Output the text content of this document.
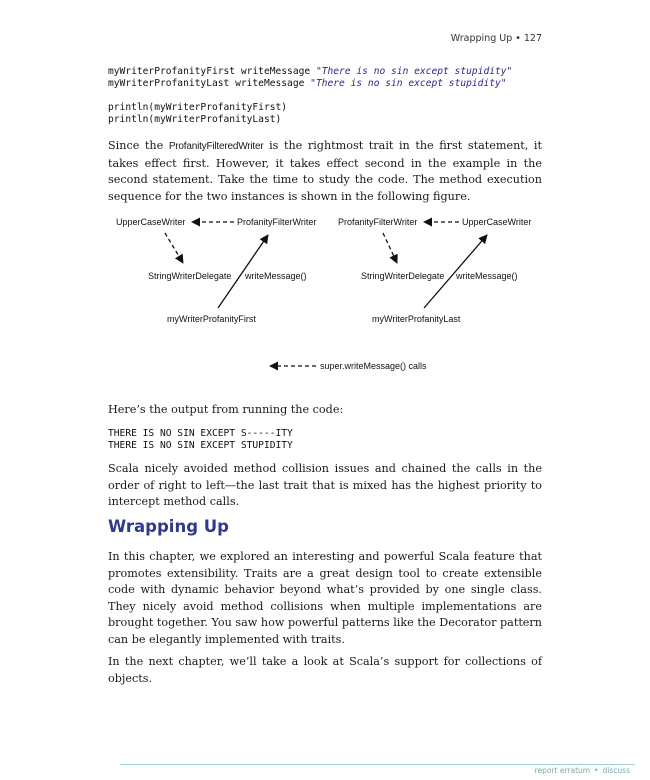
Wrapping Up • 127
myWriterProfanityFirst writeMessage "There is no sin except stupidity"
myWriterProfanityLast writeMessage "There is no sin except stupidity"

println(myWriterProfanityFirst)
println(myWriterProfanityLast)

Since the ProfanityFilteredWriter is the rightmost trait in the first statement, it takes effect first. However, it takes effect second in the example in the second statement. Take the time to study the code. The method execution sequence for the two instances is shown in the following figure.

UpperCaseWriter	ProfanityFilterWriter
StringWriterDelegate writeMessage()
myWriterProfanityFirst
ProfanityFilterWriter	UpperCaseWriter
StringWriterDelegate writeMessage()
myWriterProfanityLast
super.writeMessage() calls

Here’s the output from running the code:

THERE IS NO SIN EXCEPT S-----ITY
THERE IS NO SIN EXCEPT STUPIDITY

Scala nicely avoided method collision issues and chained the calls in the order of right to left—the last trait that is mixed has the highest priority to intercept method calls.

Wrapping Up

In this chapter, we explored an interesting and powerful Scala feature that promotes extensibility. Traits are a great design tool to create extensible code with dynamic behavior beyond what’s provided by one single class. They nicely avoid method collisions when multiple implementations are brought together. You saw how powerful patterns like the Decorator pattern can be elegantly implemented with traits.

In the next chapter, we’ll take a look at Scala’s support for collections of objects.

report erratum • discuss
